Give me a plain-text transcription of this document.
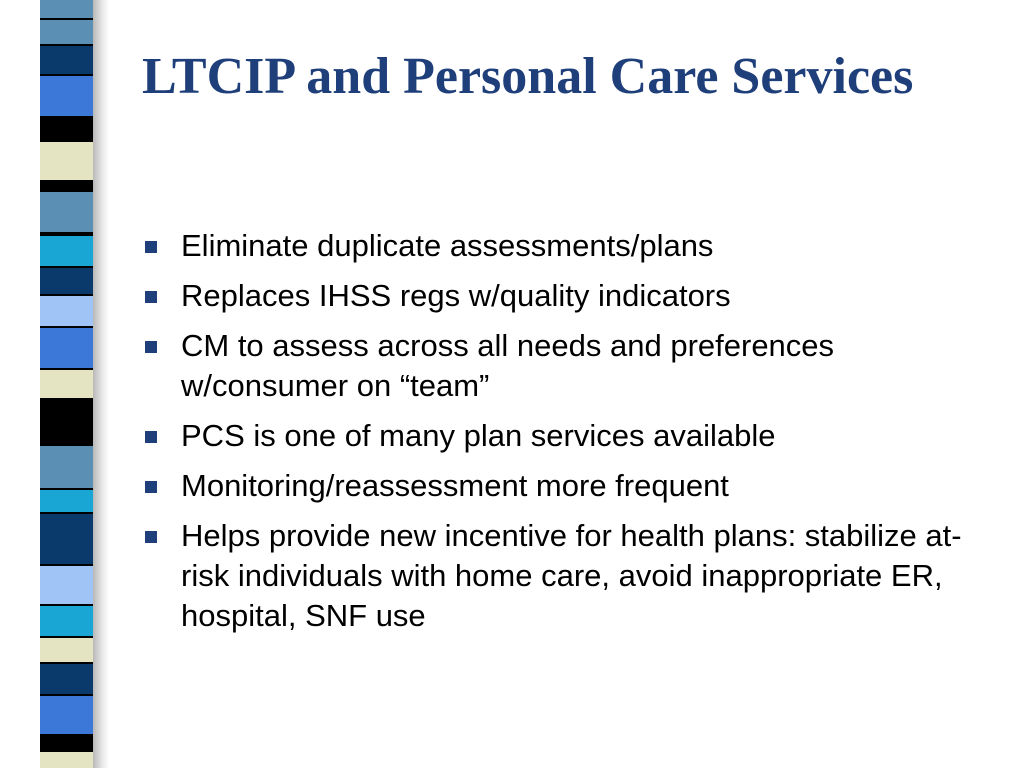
LTCIP and Personal Care Services
Eliminate duplicate assessments/plans
Replaces IHSS regs w/quality indicators
CM to assess across all needs and preferences w/consumer on “team”
PCS is one of many plan services available
Monitoring/reassessment more frequent
Helps provide new incentive for health plans: stabilize at-risk individuals with home care, avoid inappropriate ER, hospital, SNF use
